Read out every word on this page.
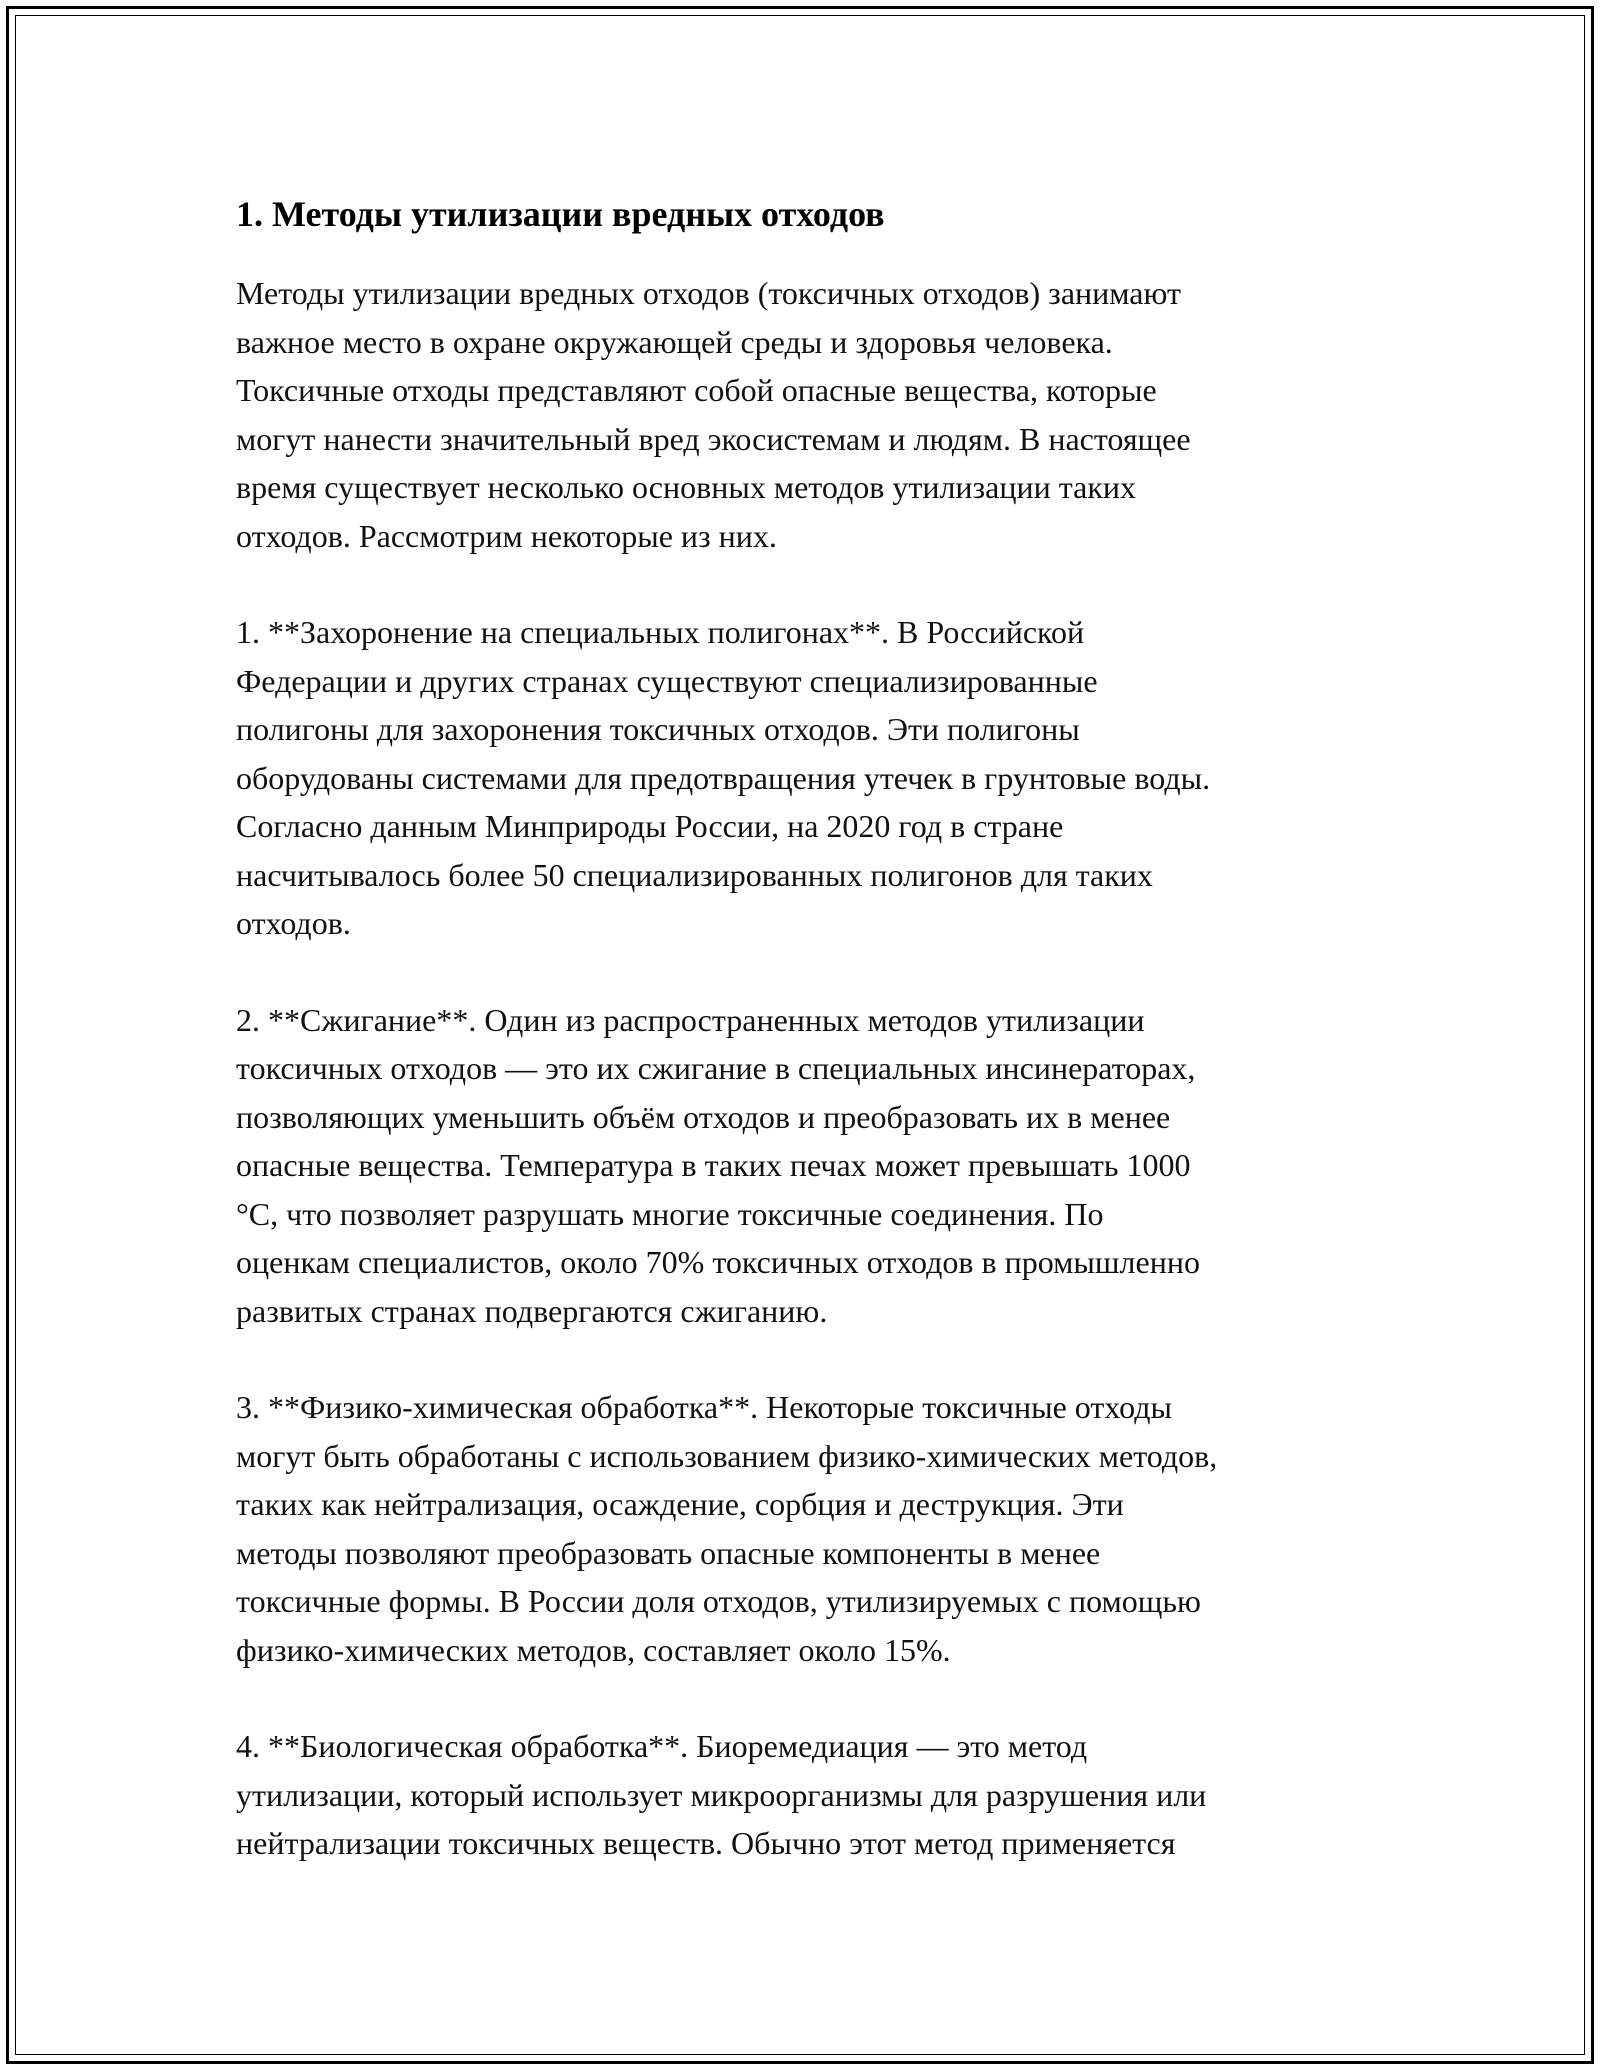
1. Методы утилизации вредных отходов

Методы утилизации вредных отходов (токсичных отходов) занимают
важное место в охране окружающей среды и здоровья человека.
Токсичные отходы представляют собой опасные вещества, которые
могут нанести значительный вред экосистемам и людям. В настоящее
время существует несколько основных методов утилизации таких
отходов. Рассмотрим некоторые из них.

1. **Захоронение на специальных полигонах**. В Российской
Федерации и других странах существуют специализированные
полигоны для захоронения токсичных отходов. Эти полигоны
оборудованы системами для предотвращения утечек в грунтовые воды.
Согласно данным Минприроды России, на 2020 год в стране
насчитывалось более 50 специализированных полигонов для таких
отходов.

2. **Сжигание**. Один из распространенных методов утилизации
токсичных отходов — это их сжигание в специальных инсинераторах,
позволяющих уменьшить объём отходов и преобразовать их в менее
опасные вещества. Температура в таких печах может превышать 1000
°C, что позволяет разрушать многие токсичные соединения. По
оценкам специалистов, около 70% токсичных отходов в промышленно
развитых странах подвергаются сжиганию.

3. **Физико-химическая обработка**. Некоторые токсичные отходы
могут быть обработаны с использованием физико-химических методов,
таких как нейтрализация, осаждение, сорбция и деструкция. Эти
методы позволяют преобразовать опасные компоненты в менее
токсичные формы. В России доля отходов, утилизируемых с помощью
физико-химических методов, составляет около 15%.

4. **Биологическая обработка**. Биоремедиация — это метод
утилизации, который использует микроорганизмы для разрушения или
нейтрализации токсичных веществ. Обычно этот метод применяется
